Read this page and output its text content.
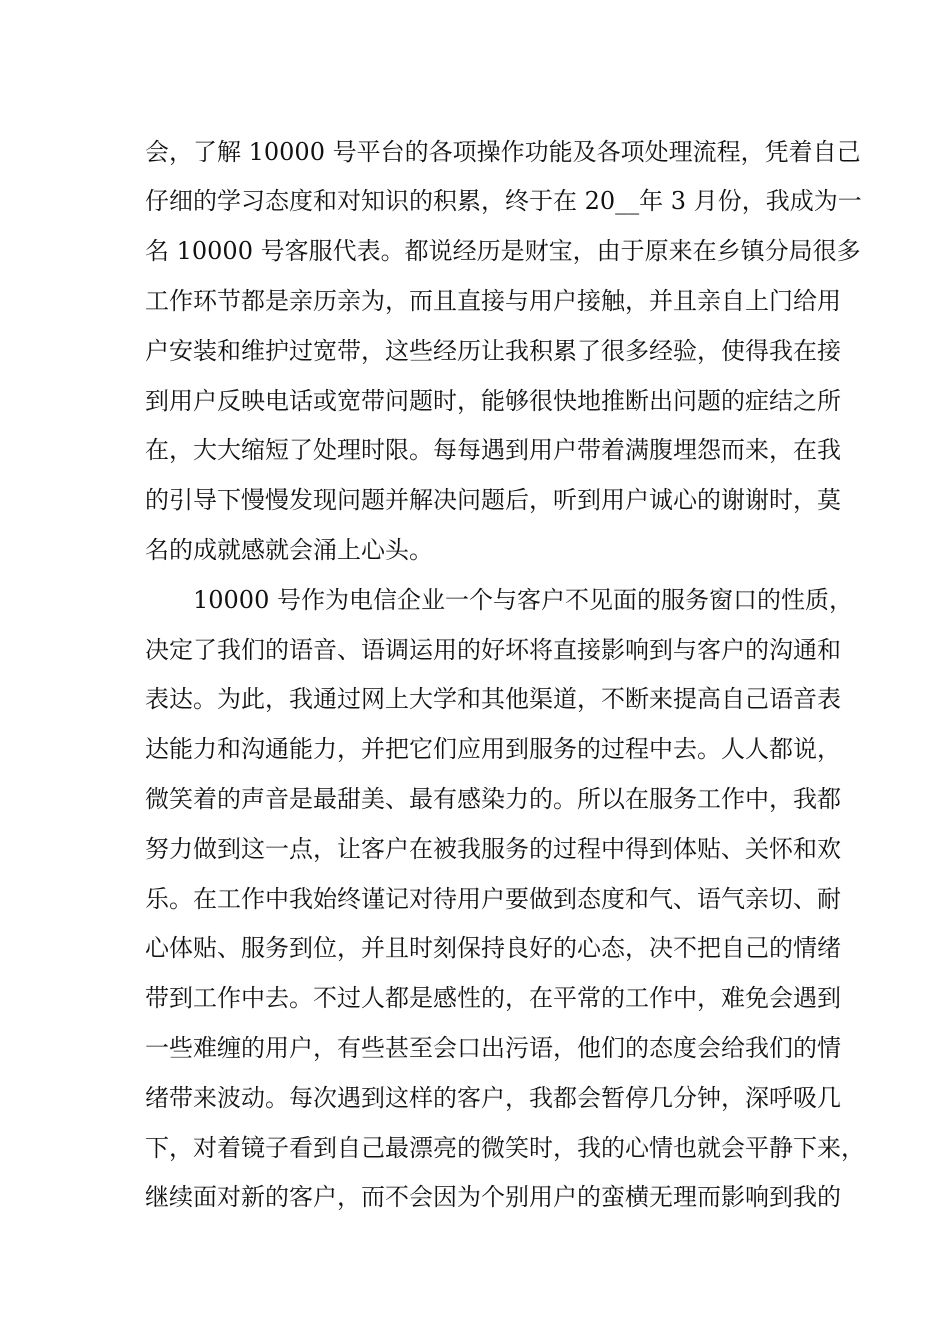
会，了解 10000 号平台的各项操作功能及各项处理流程，凭着自己
仔细的学习态度和对知识的积累，终于在 20__年 3 月份，我成为一
名 10000 号客服代表。都说经历是财宝，由于原来在乡镇分局很多
工作环节都是亲历亲为，而且直接与用户接触，并且亲自上门给用
户安装和维护过宽带，这些经历让我积累了很多经验，使得我在接
到用户反映电话或宽带问题时，能够很快地推断出问题的症结之所
在，大大缩短了处理时限。每每遇到用户带着满腹埋怨而来，在我
的引导下慢慢发现问题并解决问题后，听到用户诚心的谢谢时，莫
名的成就感就会涌上心头。
10000 号作为电信企业一个与客户不见面的服务窗口的性质，
决定了我们的语音、语调运用的好坏将直接影响到与客户的沟通和
表达。为此，我通过网上大学和其他渠道，不断来提高自己语音表
达能力和沟通能力，并把它们应用到服务的过程中去。人人都说，
微笑着的声音是最甜美、最有感染力的。所以在服务工作中，我都
努力做到这一点，让客户在被我服务的过程中得到体贴、关怀和欢
乐。在工作中我始终谨记对待用户要做到态度和气、语气亲切、耐
心体贴、服务到位，并且时刻保持良好的心态，决不把自己的情绪
带到工作中去。不过人都是感性的，在平常的工作中，难免会遇到
一些难缠的用户，有些甚至会口出污语，他们的态度会给我们的情
绪带来波动。每次遇到这样的客户，我都会暂停几分钟，深呼吸几
下，对着镜子看到自己最漂亮的微笑时，我的心情也就会平静下来，
继续面对新的客户，而不会因为个别用户的蛮横无理而影响到我的
